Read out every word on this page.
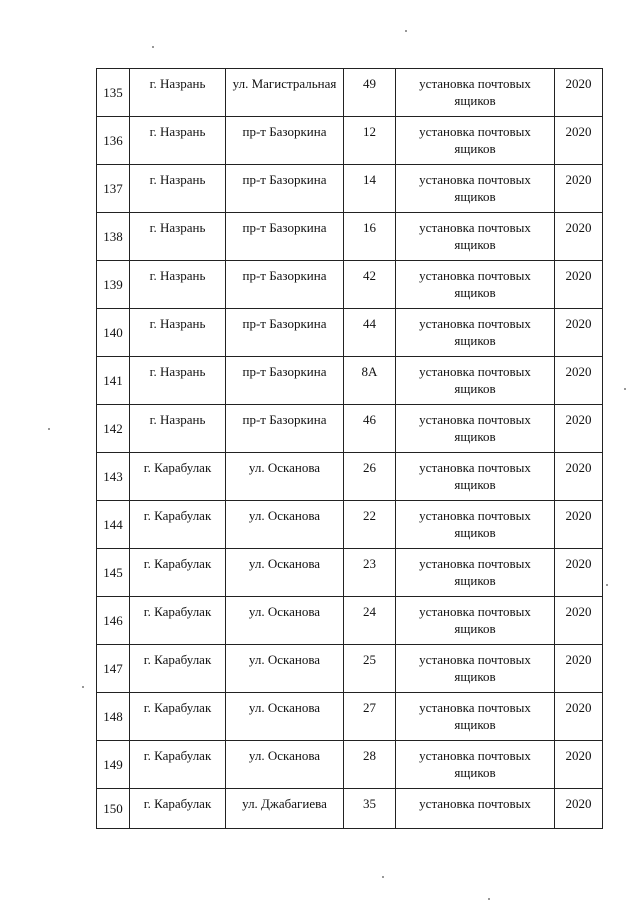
135	г. Назрань	ул. Магистральная	49	установка почтовых ящиков	2020
136	г. Назрань	пр-т Базоркина	12	установка почтовых ящиков	2020
137	г. Назрань	пр-т Базоркина	14	установка почтовых ящиков	2020
138	г. Назрань	пр-т Базоркина	16	установка почтовых ящиков	2020
139	г. Назрань	пр-т Базоркина	42	установка почтовых ящиков	2020
140	г. Назрань	пр-т Базоркина	44	установка почтовых ящиков	2020
141	г. Назрань	пр-т Базоркина	8А	установка почтовых ящиков	2020
142	г. Назрань	пр-т Базоркина	46	установка почтовых ящиков	2020
143	г. Карабулак	ул. Осканова	26	установка почтовых ящиков	2020
144	г. Карабулак	ул. Осканова	22	установка почтовых ящиков	2020
145	г. Карабулак	ул. Осканова	23	установка почтовых ящиков	2020
146	г. Карабулак	ул. Осканова	24	установка почтовых ящиков	2020
147	г. Карабулак	ул. Осканова	25	установка почтовых ящиков	2020
148	г. Карабулак	ул. Осканова	27	установка почтовых ящиков	2020
149	г. Карабулак	ул. Осканова	28	установка почтовых ящиков	2020
150	г. Карабулак	ул. Джабагиева	35	установка почтовых	2020
